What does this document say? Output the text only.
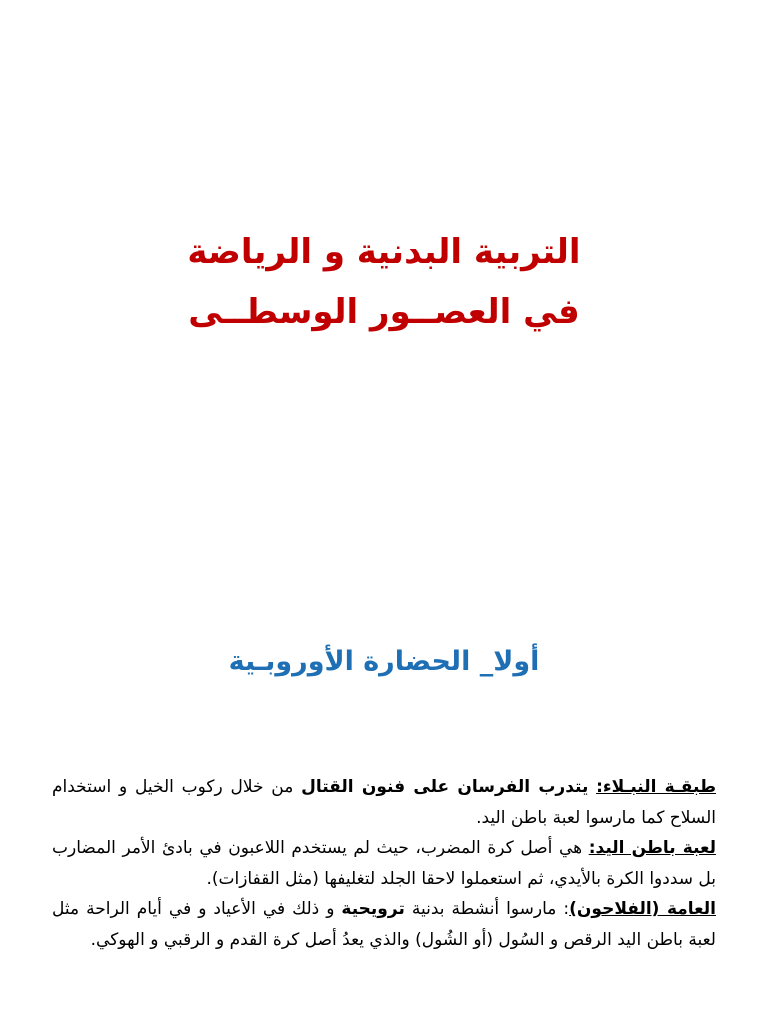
التربية البدنية و الرياضة
في العصــور الوسطــى
أولا_ الحضارة الأوروبـية

طبقـة النبـلاء: يتدرب الفرسان على فنون القتال من خلال ركوب الخيل و استخدام السلاح كما مارسوا لعبة باطن اليد.

لعبة باطن اليد: هي أصل كرة المضرب، حيث لم يستخدم اللاعبون في بادئ الأمر المضارب بل سددوا الكرة بالأيدي، ثم استعملوا لاحقا الجلد لتغليفها (مثل القفازات).

العامة (الفلاحون): مارسوا أنشطة بدنية ترويحية و ذلك في الأعياد و في أيام الراحة مثل لعبة باطن اليد الرقص و السُول (أو الشُول) والذي يعدُ أصل كرة القدم و الرقبي و الهوكي.
